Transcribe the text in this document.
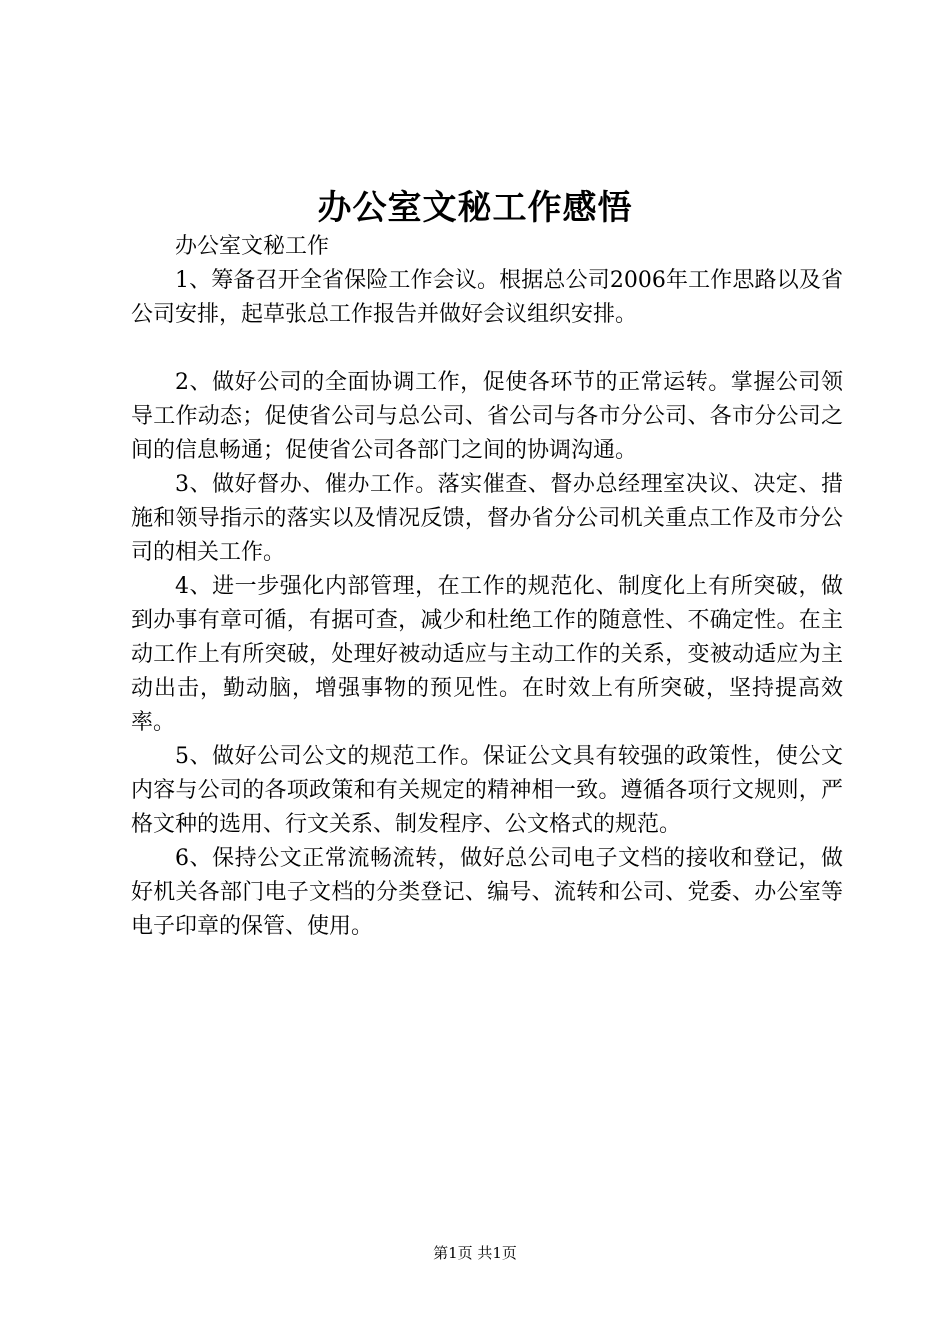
办公室文秘工作感悟

办公室文秘工作

1、筹备召开全省保险工作会议。根据总公司2006年工作思路以及省公司安排，起草张总工作报告并做好会议组织安排。

2、做好公司的全面协调工作，促使各环节的正常运转。掌握公司领导工作动态；促使省公司与总公司、省公司与各市分公司、各市分公司之间的信息畅通；促使省公司各部门之间的协调沟通。

3、做好督办、催办工作。落实催查、督办总经理室决议、决定、措施和领导指示的落实以及情况反馈，督办省分公司机关重点工作及市分公司的相关工作。

4、进一步强化内部管理，在工作的规范化、制度化上有所突破，做到办事有章可循，有据可查，减少和杜绝工作的随意性、不确定性。在主动工作上有所突破，处理好被动适应与主动工作的关系，变被动适应为主动出击，勤动脑，增强事物的预见性。在时效上有所突破，坚持提高效率。

5、做好公司公文的规范工作。保证公文具有较强的政策性，使公文内容与公司的各项政策和有关规定的精神相一致。遵循各项行文规则，严格文种的选用、行文关系、制发程序、公文格式的规范。

6、保持公文正常流畅流转，做好总公司电子文档的接收和登记，做好机关各部门电子文档的分类登记、编号、流转和公司、党委、办公室等电子印章的保管、使用。

第1页 共1页
